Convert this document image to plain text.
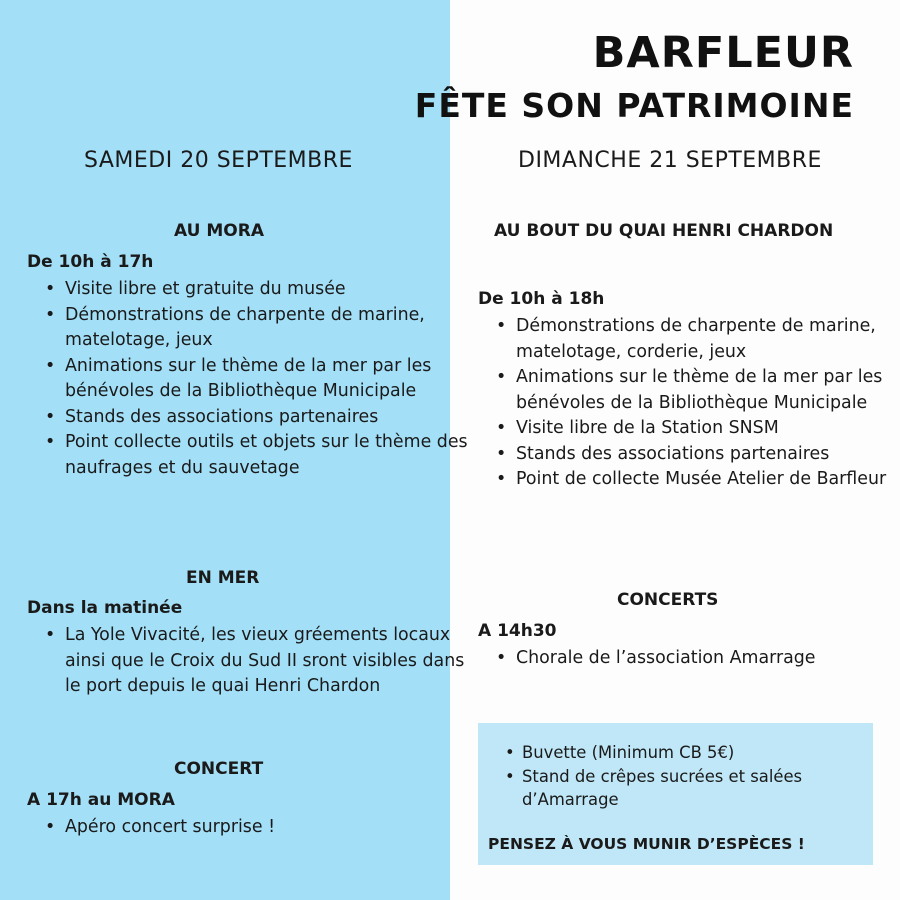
BARFLEUR
FÊTE SON PATRIMOINE
SAMEDI 20 SEPTEMBRE
AU MORA
De 10h à 17h
• Visite libre et gratuite du musée
• Démonstrations de charpente de marine, matelotage, jeux
• Animations sur le thème de la mer par les bénévoles de la Bibliothèque Municipale
• Stands des associations partenaires
• Point collecte outils et objets sur le thème des naufrages et du sauvetage
EN MER
Dans la matinée
• La Yole Vivacité, les vieux gréements locaux ainsi que le Croix du Sud II sront visibles dans le port depuis le quai Henri Chardon
CONCERT
A 17h au MORA
• Apéro concert surprise !
DIMANCHE 21 SEPTEMBRE
AU BOUT DU QUAI HENRI CHARDON
De 10h à 18h
• Démonstrations de charpente de marine, matelotage, corderie, jeux
• Animations sur le thème de la mer par les bénévoles de la Bibliothèque Municipale
• Visite libre de la Station SNSM
• Stands des associations partenaires
• Point de collecte Musée Atelier de Barfleur
CONCERTS
A 14h30
• Chorale de l’association Amarrage
• Buvette (Minimum CB 5€)
• Stand de crêpes sucrées et salées d’Amarrage
PENSEZ À VOUS MUNIR D’ESPÈCES !
